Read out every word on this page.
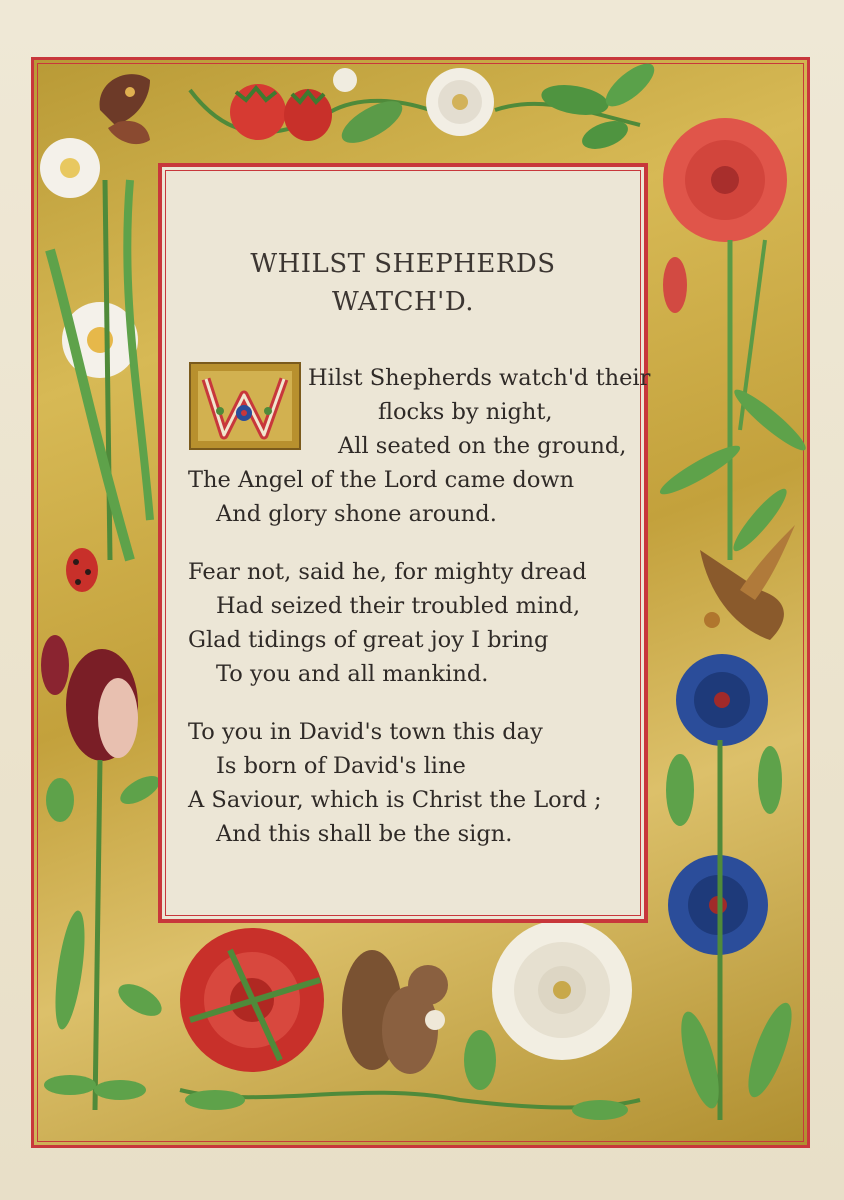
WHILST SHEPHERDS
WATCH'D.
Hilst Shepherds watch'd their
flocks by night,
All seated on the ground,
The Angel of the Lord came down
And glory shone around.
Fear not, said he, for mighty dread
Had seized their troubled mind,
Glad tidings of great joy I bring
To you and all mankind.
To you in David's town this day
Is born of David's line
A Saviour, which is Christ the Lord ;
And this shall be the sign.
